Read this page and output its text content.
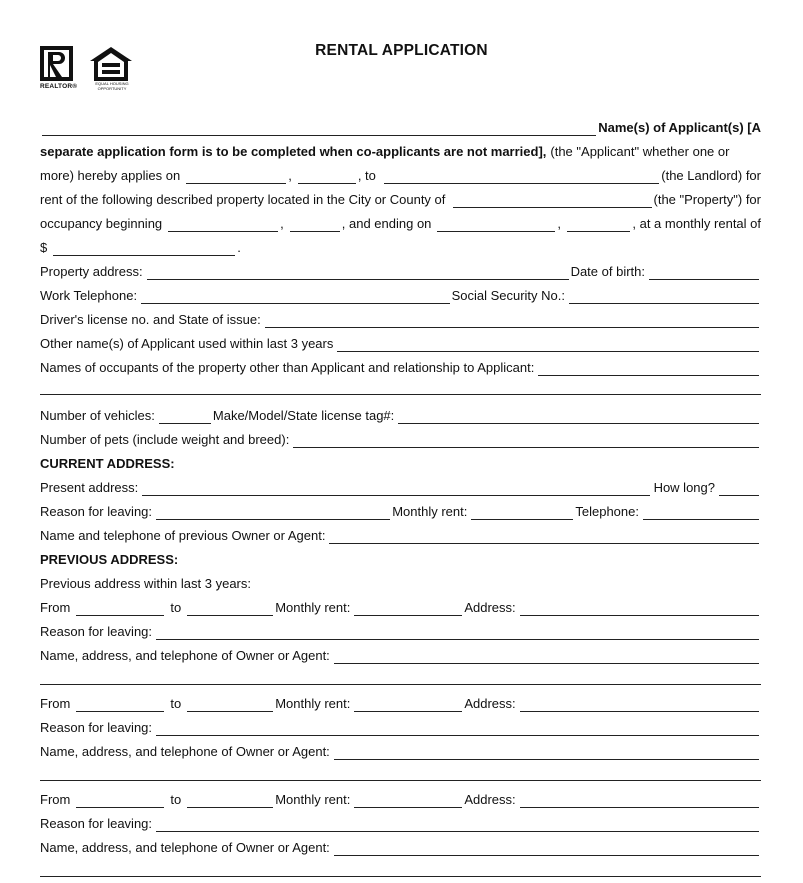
REALTOR®	EQUAL HOUSING
OPPORTUNITY
RENTAL APPLICATION
Name(s) of Applicant(s) [A
separate application form is to be completed when co-applicants are not married], (the "Applicant" whether one or
more) hereby applies on	,	, to	(the Landlord) for
rent of the following described property located in the City or County of	(the "Property") for
occupancy beginning	,	, and ending on	,	, at a monthly rental of
$	.
Property address:	Date of birth:
Work Telephone:	Social Security No.:
Driver's license no. and State of issue:
Other name(s) of Applicant used within last 3 years
Names of occupants of the property other than Applicant and relationship to Applicant:
Number of vehicles:	Make/Model/State license tag#:
Number of pets (include weight and breed):
CURRENT ADDRESS:
Present address:	How long?
Reason for leaving:	Monthly rent:	Telephone:
Name and telephone of previous Owner or Agent:
PREVIOUS ADDRESS:
Previous address within last 3 years:
From	to	Monthly rent:	Address:
Reason for leaving:
Name, address, and telephone of Owner or Agent:
From	to	Monthly rent:	Address:
Reason for leaving:
Name, address, and telephone of Owner or Agent:
From	to	Monthly rent:	Address:
Reason for leaving:
Name, address, and telephone of Owner or Agent:
